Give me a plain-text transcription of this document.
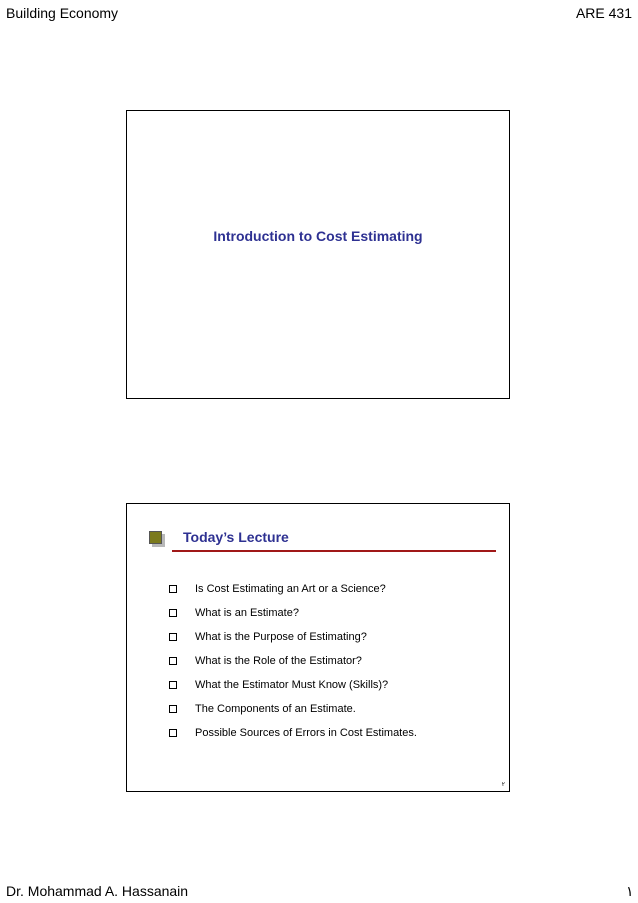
Building Economy	ARE 431
Introduction to Cost Estimating
Today’s Lecture
Is Cost Estimating an Art or a Science?
What is an Estimate?
What is the Purpose of Estimating?
What is the Role of the Estimator?
What the Estimator Must Know (Skills)?
The Components of an Estimate.
Possible Sources of Errors in Cost Estimates.
٢
Dr. Mohammad A. Hassanain	١
